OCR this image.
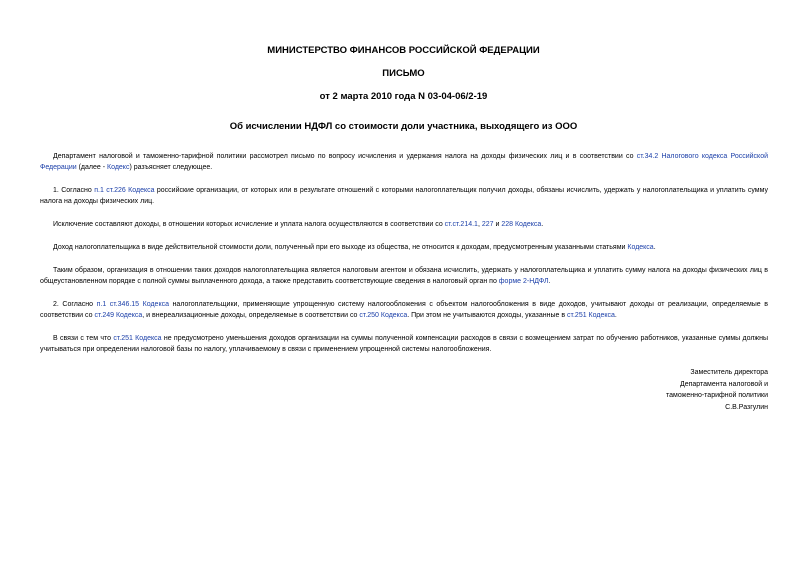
МИНИСТЕРСТВО ФИНАНСОВ РОССИЙСКОЙ ФЕДЕРАЦИИ
ПИСЬМО
от 2 марта 2010 года N 03-04-06/2-19
Об исчислении НДФЛ со стоимости доли участника, выходящего из ООО

Департамент налоговой и таможенно-тарифной политики рассмотрел письмо по вопросу исчисления и удержания налога на доходы физических лиц и в соответствии со ст.34.2 Налогового кодекса Российской Федерации (далее - Кодекс) разъясняет следующее.

1. Согласно п.1 ст.226 Кодекса российские организации, от которых или в результате отношений с которыми налогоплательщик получил доходы, обязаны исчислить, удержать у налогоплательщика и уплатить сумму налога на доходы физических лиц.

Исключение составляют доходы, в отношении которых исчисление и уплата налога осуществляются в соответствии со ст.ст.214.1, 227 и 228 Кодекса.

Доход налогоплательщика в виде действительной стоимости доли, полученный при его выходе из общества, не относится к доходам, предусмотренным указанными статьями Кодекса.

Таким образом, организация в отношении таких доходов налогоплательщика является налоговым агентом и обязана исчислить, удержать у налогоплательщика и уплатить сумму налога на доходы физических лиц в общеустановленном порядке с полной суммы выплаченного дохода, а также представить соответствующие сведения в налоговый орган по форме 2-НДФЛ.

2. Согласно п.1 ст.346.15 Кодекса налогоплательщики, применяющие упрощенную систему налогообложения с объектом налогообложения в виде доходов, учитывают доходы от реализации, определяемые в соответствии со ст.249 Кодекса, и внереализационные доходы, определяемые в соответствии со ст.250 Кодекса. При этом не учитываются доходы, указанные в ст.251 Кодекса.

В связи с тем что ст.251 Кодекса не предусмотрено уменьшения доходов организации на суммы полученной компенсации расходов в связи с возмещением затрат по обучению работников, указанные суммы должны учитываться при определении налоговой базы по налогу, уплачиваемому в связи с применением упрощенной системы налогообложения.

Заместитель директора
Департамента налоговой и
таможенно-тарифной политики
С.В.Разгулин
